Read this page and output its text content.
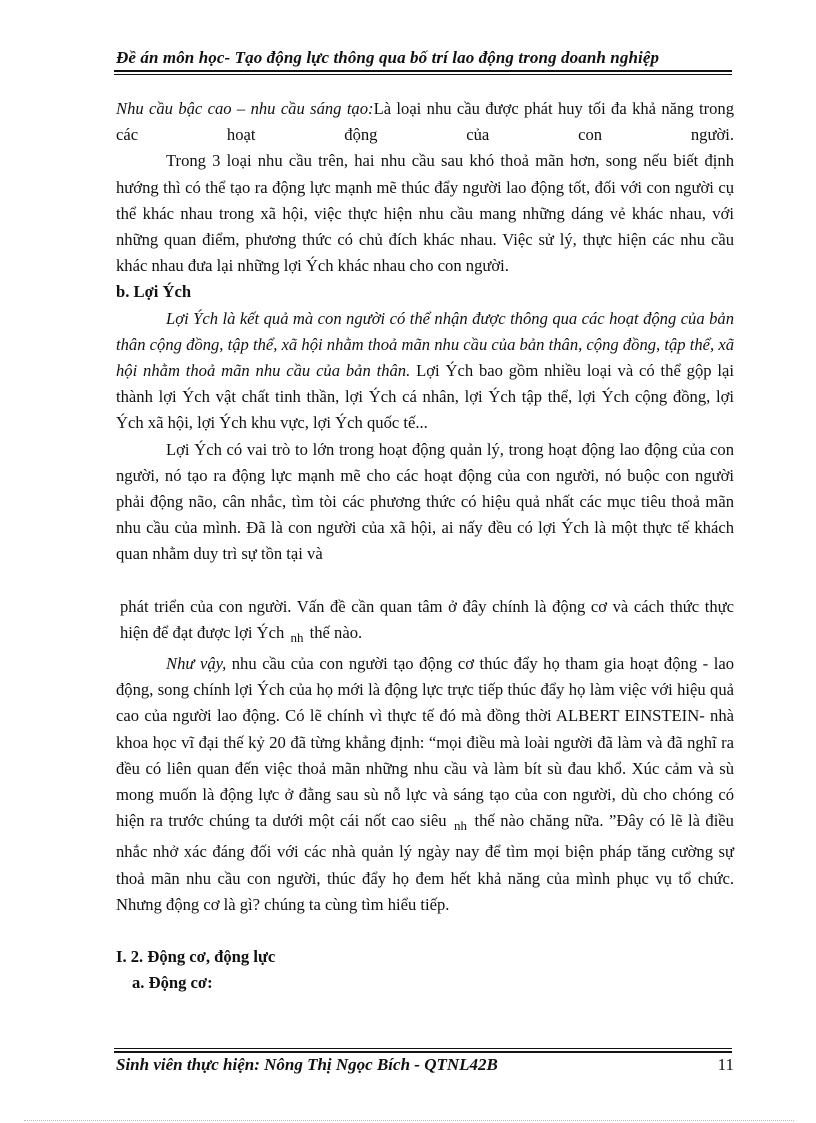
Đề án môn học- Tạo động lực thông qua bố trí lao động trong doanh nghiệp

Nhu cầu bậc cao – nhu cầu sáng tạo:Là loại nhu cầu được phát huy tối đa khả năng trong các hoạt động của con người.

Trong 3 loại nhu cầu trên, hai nhu cầu sau khó thoả mãn hơn, song nếu biết định hướng thì có thể tạo ra động lực mạnh mẽ thúc đẩy người lao động tốt, đối với con người cụ thể khác nhau trong xã hội, việc thực hiện nhu cầu mang những dáng vẻ khác nhau, với những quan điểm, phương thức có chủ đích khác nhau. Việc sử lý, thực hiện các nhu cầu khác nhau đưa lại những lợi Ých khác nhau cho con người.

b. Lợi Ých

Lợi Ých là kết quả mà con người có thể nhận được thông qua các hoạt động của bản thân cộng đồng, tập thể, xã hội nhằm thoả mãn nhu cầu của bản thân, cộng đồng, tập thể, xã hội nhằm thoả mãn nhu cầu của bản thân. Lợi Ých bao gồm nhiều loại và có thể gộp lại thành lợi Ých vật chất tinh thần, lợi Ých cá nhân, lợi Ých tập thể, lợi Ých cộng đồng, lợi Ých xã hội, lợi Ých khu vực, lợi Ých quốc tế...

Lợi Ých có vai trò to lớn trong hoạt động quản lý, trong hoạt động lao động của con người, nó tạo ra động lực mạnh mẽ cho các hoạt động của con người, nó buộc con người phải động não, cân nhắc, tìm tòi các phương thức có hiệu quả nhất các mục tiêu thoả mãn nhu cầu của mình. Đã là con người của xã hội, ai nấy đều có lợi Ých là một thực tế khách quan nhằm duy trì sự tồn tại và

phát triển của con người. Vấn đề cần quan tâm ở đây chính là động cơ và cách thức thực hiện để đạt được lợi Ých $_{nh}$ thế nào.

Như vậy, nhu cầu của con người tạo động cơ thúc đẩy họ tham gia hoạt động - lao động, song chính lợi Ých của họ mới là động lực trực tiếp thúc đẩy họ làm việc với hiệu quả cao của người lao động. Có lẽ chính vì thực tế đó mà đồng thời ALBERT EINSTEIN- nhà khoa học vĩ đại thế kỷ 20 đã từng khẳng định: “mọi điều mà loài người đã làm và đã nghĩ ra đều có liên quan đến việc thoả mãn những nhu cầu và làm bít sù đau khổ. Xúc cảm và sù mong muốn là động lực ở đằng sau sù nỗ lực và sáng tạo của con người, dù cho chóng có hiện ra trước chúng ta dưới một cái nốt cao siêu $_{nh}$ thế nào chăng nữa. ”Đây có lẽ là điều nhắc nhở xác đáng đối với các nhà quản lý ngày nay để tìm mọi biện pháp tăng cường sự thoả mãn nhu cầu con người, thúc đẩy họ đem hết khả năng của mình phục vụ tổ chức. Nhưng động cơ là gì? chúng ta cùng tìm hiểu tiếp.

I. 2. Động cơ, động lực

a. Động cơ:

Sinh viên thực hiện: Nông Thị Ngọc Bích - QTNL42B	11
